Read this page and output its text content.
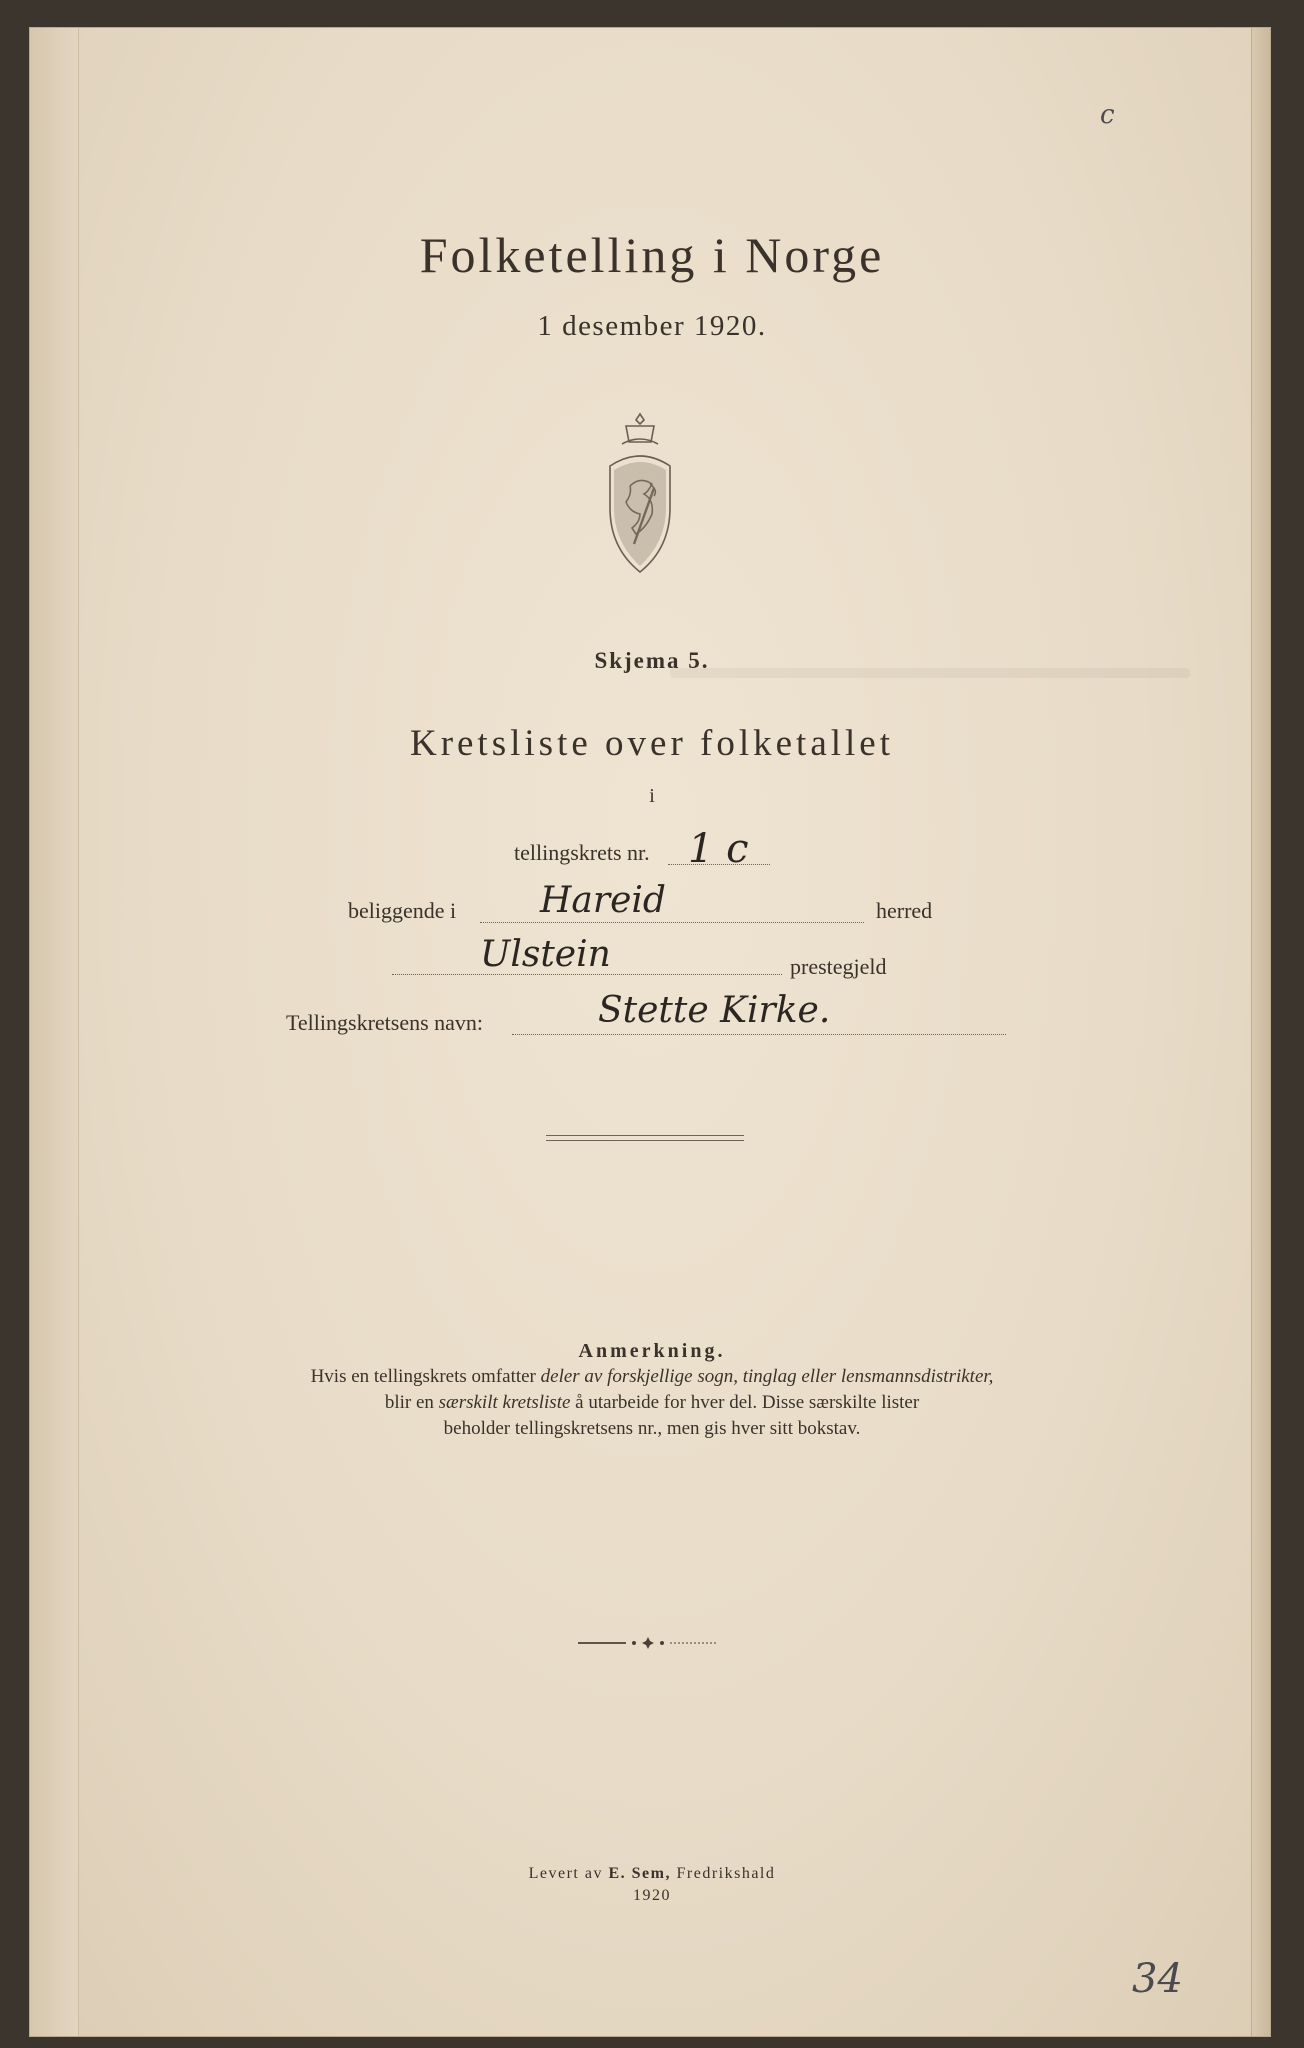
Folketelling i Norge
1 desember 1920.
Skjema 5.
Kretsliste over folketallet
i
tellingskrets nr. 1 c
beliggende i Hareid	herred
Ulstein	prestegjeld
Tellingskretsens navn:	Stette Kirke.
Anmerkning.
Hvis en tellingskrets omfatter deler av forskjellige sogn, tinglag eller lensmannsdistrikter,
blir en særskilt kretsliste å utarbeide for hver del. Disse særskilte lister
beholder tellingskretsens nr., men gis hver sitt bokstav.
Levert av E. Sem, Fredrikshald
1920
c
34
